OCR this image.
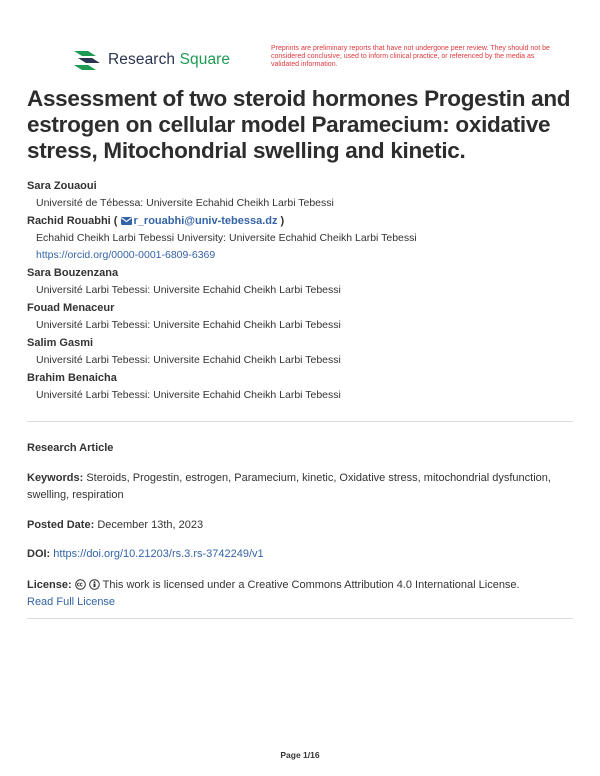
Research Square
Preprints are preliminary reports that have not undergone peer review. They should not be considered conclusive, used to inform clinical practice, or referenced by the media as validated information.
Assessment of two steroid hormones Progestin and estrogen on cellular model Paramecium: oxidative stress, Mitochondrial swelling and kinetic.
Sara Zouaoui
Université de Tébessa: Universite Echahid Cheikh Larbi Tebessi
Rachid Rouabhi ( r_rouabhi@univ-tebessa.dz )
Echahid Cheikh Larbi Tebessi University: Universite Echahid Cheikh Larbi Tebessi
https://orcid.org/0000-0001-6809-6369
Sara Bouzenzana
Université Larbi Tebessi: Universite Echahid Cheikh Larbi Tebessi
Fouad Menaceur
Université Larbi Tebessi: Universite Echahid Cheikh Larbi Tebessi
Salim Gasmi
Université Larbi Tebessi: Universite Echahid Cheikh Larbi Tebessi
Brahim Benaicha
Université Larbi Tebessi: Universite Echahid Cheikh Larbi Tebessi
Research Article
Keywords: Steroids, Progestin, estrogen, Paramecium, kinetic, Oxidative stress, mitochondrial dysfunction, swelling, respiration
Posted Date: December 13th, 2023
DOI: https://doi.org/10.21203/rs.3.rs-3742249/v1
License:	This work is licensed under a Creative Commons Attribution 4.0 International License.
Read Full License
Page 1/16
